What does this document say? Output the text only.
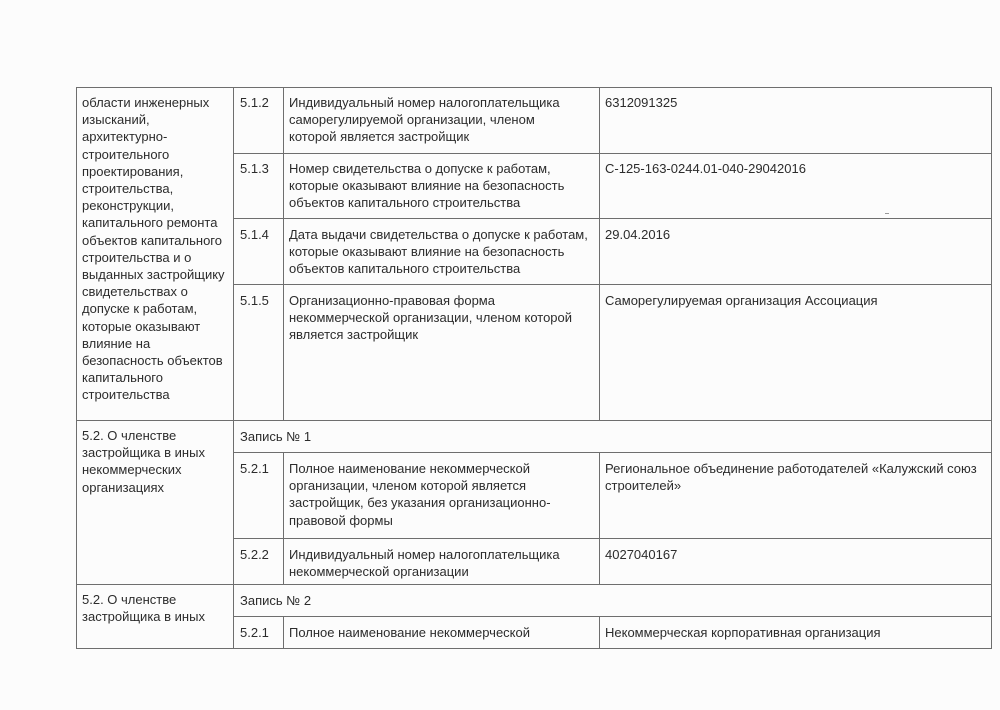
области инженерных
изысканий,
архитектурно-
строительного
проектирования,
строительства,
реконструкции,
капитального ремонта
объектов капитального
строительства и о
выданных застройщику
свидетельствах о
допуске к работам,
которые оказывают
влияние на
безопасность объектов
капитального
строительства
5.1.2 Индивидуальный номер налогоплательщика
саморегулируемой организации, членом
которой является застройщик
6312091325
5.1.3 Номер свидетельства о допуске к работам,
которые оказывают влияние на безопасность
объектов капитального строительства
С-125-163-0244.01-040-29042016
5.1.4 Дата выдачи свидетельства о допуске к работам,
которые оказывают влияние на безопасность
объектов капитального строительства
29.04.2016
5.1.5 Организационно-правовая форма
некоммерческой организации, членом которой
является застройщик
Саморегулируемая организация Ассоциация
5.2. О членстве
застройщика в иных
некоммерческих
организациях
Запись № 1
5.2.1 Полное наименование некоммерческой
организации, членом которой является
застройщик, без указания организационно-
правовой формы
Региональное объединение работодателей «Калужский союз
строителей»
5.2.2 Индивидуальный номер налогоплательщика
некоммерческой организации
4027040167
5.2. О членстве
застройщика в иных
Запись № 2
5.2.1 Полное наименование некоммерческой	Некоммерческая корпоративная организация
